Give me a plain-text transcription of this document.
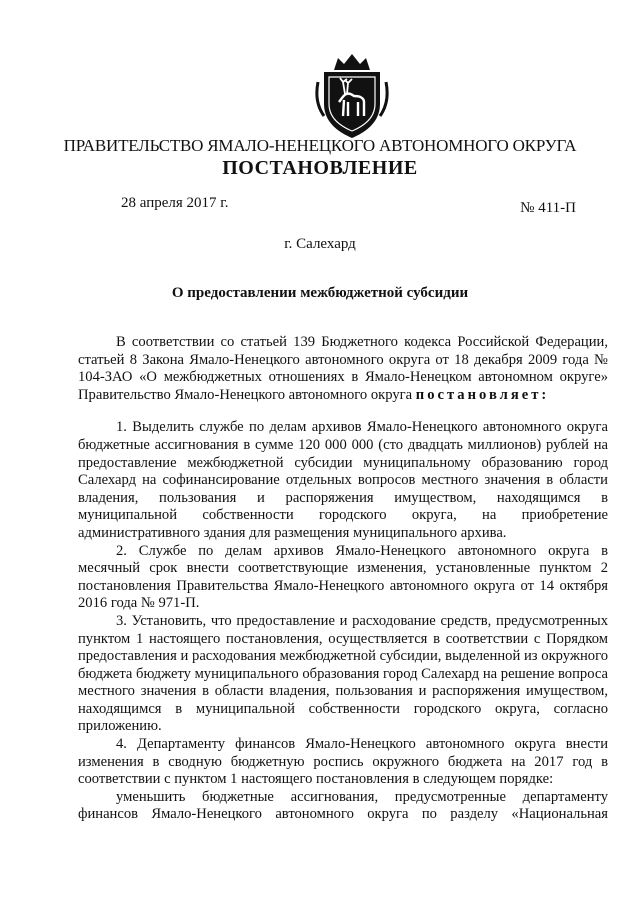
ПРАВИТЕЛЬСТВО ЯМАЛО-НЕНЕЦКОГО АВТОНОМНОГО ОКРУГА
ПОСТАНОВЛЕНИЕ
28 апреля 2017 г.	№ 411-П
г. Салехард
О предоставлении межбюджетной субсидии

В соответствии со статьей 139 Бюджетного кодекса Российской Федерации, статьей 8 Закона Ямало-Ненецкого автономного округа от 18 декабря 2009 года № 104-ЗАО «О межбюджетных отношениях в Ямало-Ненецком автономном округе» Правительство Ямало-Ненецкого автономного округа постановляет:

1. Выделить службе по делам архивов Ямало-Ненецкого автономного округа бюджетные ассигнования в сумме 120 000 000 (сто двадцать миллионов) рублей на предоставление межбюджетной субсидии муниципальному образованию город Салехард на софинансирование отдельных вопросов местного значения в области владения, пользования и распоряжения имуществом, находящимся в муниципальной собственности городского округа, на приобретение административного здания для размещения муниципального архива.

2. Службе по делам архивов Ямало-Ненецкого автономного округа в месячный срок внести соответствующие изменения, установленные пунктом 2 постановления Правительства Ямало-Ненецкого автономного округа от 14 октября 2016 года № 971-П.

3. Установить, что предоставление и расходование средств, предусмотренных пунктом 1 настоящего постановления, осуществляется в соответствии с Порядком предоставления и расходования межбюджетной субсидии, выделенной из окружного бюджета бюджету муниципального образования город Салехард на решение вопроса местного значения в области владения, пользования и распоряжения имуществом, находящимся в муниципальной собственности городского округа, согласно приложению.

4. Департаменту финансов Ямало-Ненецкого автономного округа внести изменения в сводную бюджетную роспись окружного бюджета на 2017 год в соответствии с пунктом 1 настоящего постановления в следующем порядке:

уменьшить бюджетные ассигнования, предусмотренные департаменту финансов Ямало-Ненецкого автономного округа по разделу «Национальная
